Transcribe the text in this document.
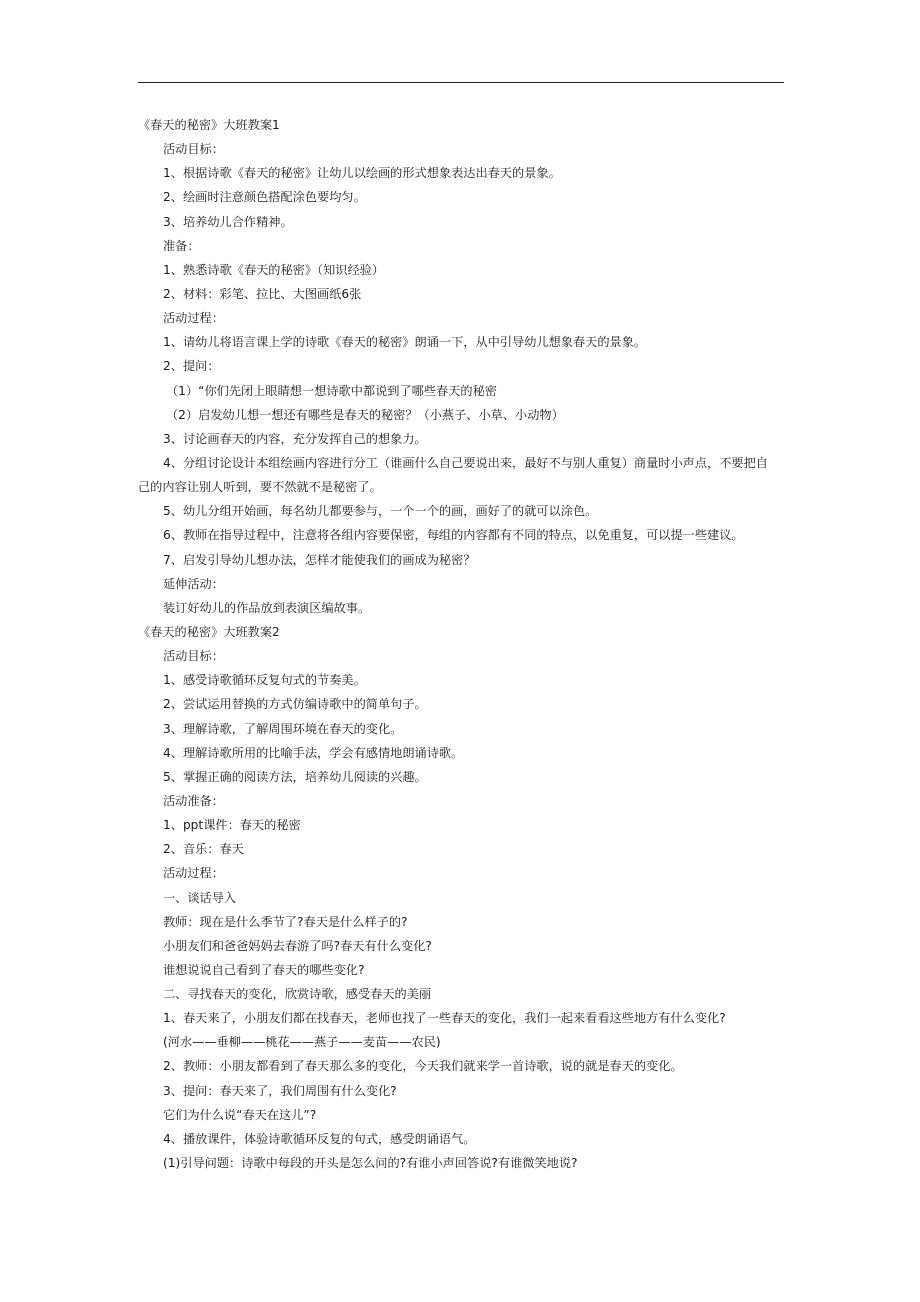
《春天的秘密》大班教案1
活动目标：
1、根据诗歌《春天的秘密》让幼儿以绘画的形式想象表达出春天的景象。
2、绘画时注意颜色搭配涂色要均匀。
3、培养幼儿合作精神。
准备：
1、熟悉诗歌《春天的秘密》（知识经验）
2、材料：彩笔、拉比、大图画纸6张
活动过程：
1、请幼儿将语言课上学的诗歌《春天的秘密》朗诵一下，从中引导幼儿想象春天的景象。
2、提问：
（1）“你们先闭上眼睛想一想诗歌中都说到了哪些春天的秘密
（2）启发幼儿想一想还有哪些是春天的秘密？（小燕子、小草、小动物）
3、讨论画春天的内容，充分发挥自己的想象力。
4、分组讨论设计本组绘画内容进行分工（谁画什么自己要说出来，最好不与别人重复）商量时小声点，不要把自
己的内容让别人听到，要不然就不是秘密了。
5、幼儿分组开始画，每名幼儿都要参与，一个一个的画，画好了的就可以涂色。
6、教师在指导过程中，注意将各组内容要保密，每组的内容都有不同的特点，以免重复，可以提一些建议。
7、启发引导幼儿想办法，怎样才能使我们的画成为秘密？
延伸活动：
装订好幼儿的作品放到表演区编故事。
《春天的秘密》大班教案2
活动目标：
1、感受诗歌循环反复句式的节奏美。
2、尝试运用替换的方式仿编诗歌中的简单句子。
3、理解诗歌，了解周围环境在春天的变化。
4、理解诗歌所用的比喻手法，学会有感情地朗诵诗歌。
5、掌握正确的阅读方法，培养幼儿阅读的兴趣。
活动准备：
1、ppt课件：春天的秘密
2、音乐：春天
活动过程：
一、谈话导入
教师：现在是什么季节了?春天是什么样子的?
小朋友们和爸爸妈妈去春游了吗?春天有什么变化?
谁想说说自己看到了春天的哪些变化?
二、寻找春天的变化，欣赏诗歌，感受春天的美丽
1、春天来了，小朋友们都在找春天，老师也找了一些春天的变化，我们一起来看看这些地方有什么变化?
(河水——垂柳——桃花——燕子——麦苗——农民)
2、教师：小朋友都看到了春天那么多的变化，今天我们就来学一首诗歌，说的就是春天的变化。
3、提问：春天来了，我们周围有什么变化?
它们为什么说“春天在这儿”?
4、播放课件，体验诗歌循环反复的句式，感受朗诵语气。
(1)引导问题：诗歌中每段的开头是怎么问的?有谁小声回答说?有谁微笑地说?
